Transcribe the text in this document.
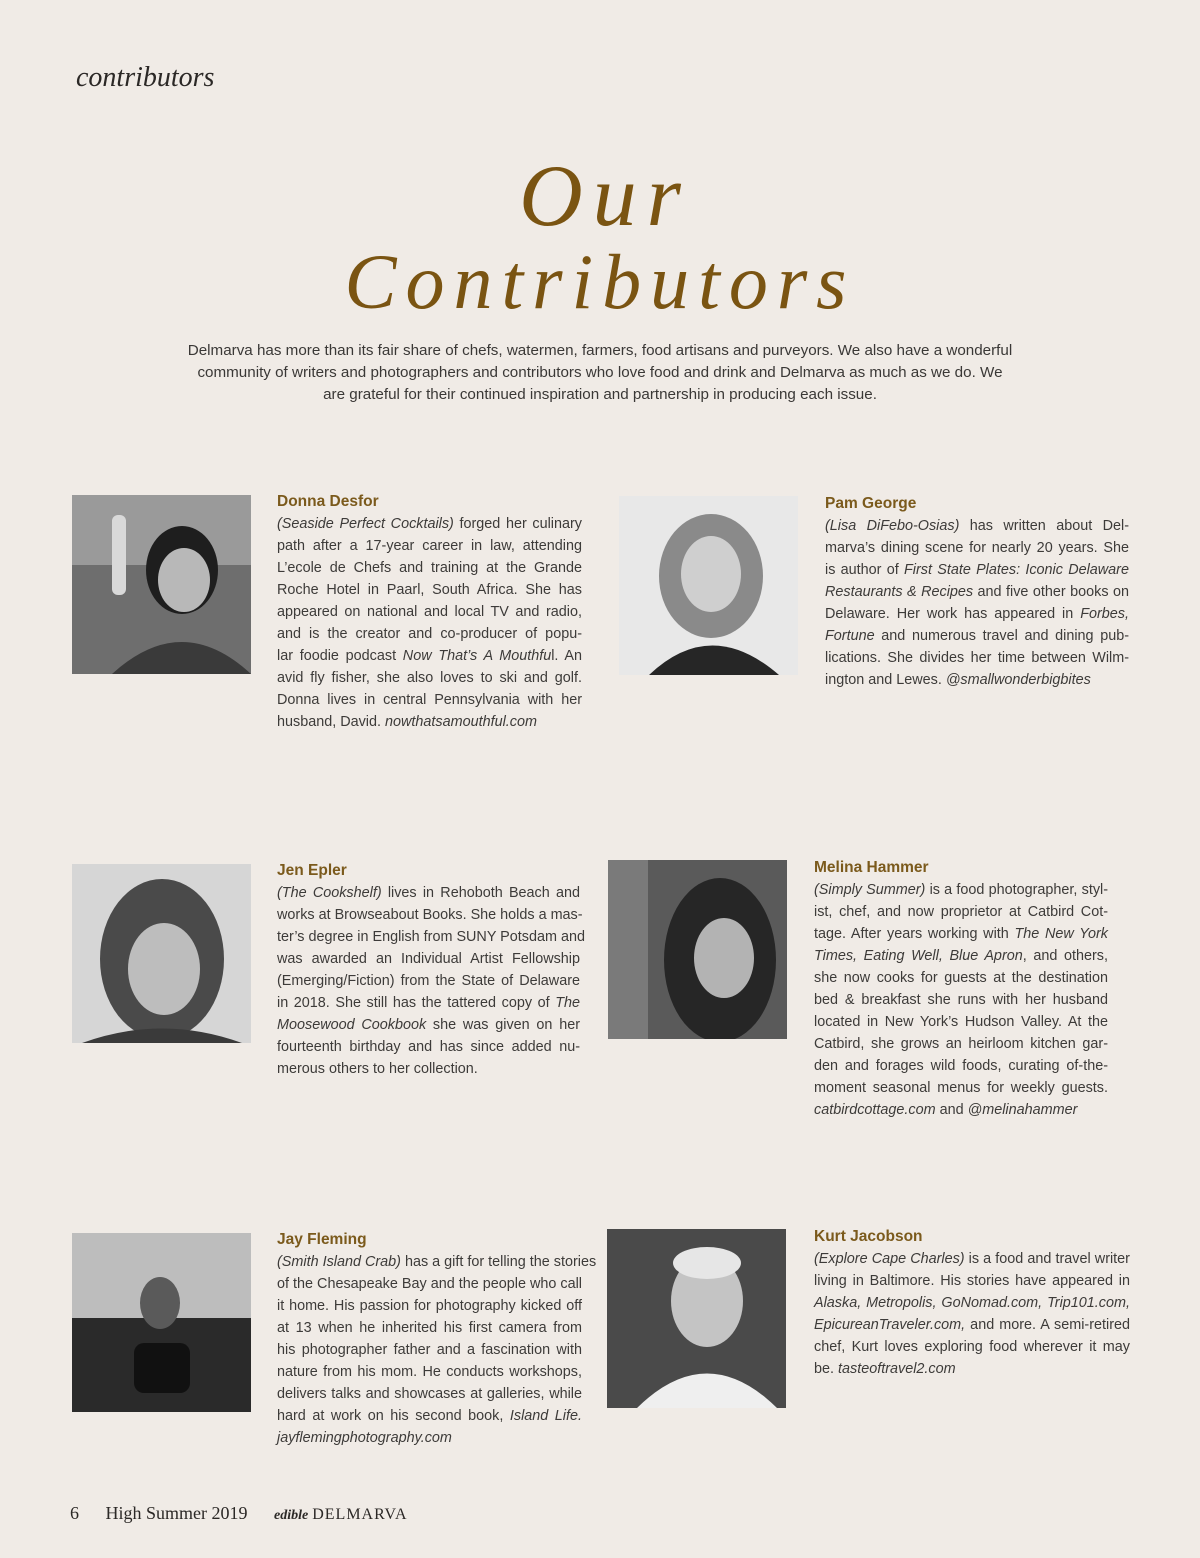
contributors
Our
Contributors
Delmarva has more than its fair share of chefs, watermen, farmers, food artisans and purveyors. We also have a wonderful
community of writers and photographers and contributors who love food and drink and Delmarva as much as we do. We
are grateful for their continued inspiration and partnership in producing each issue.
Donna Desfor
(Seaside Perfect Cocktails) forged her culinary
path after a 17-year career in law, attending
L’ecole de Chefs and training at the Grande
Roche Hotel in Paarl, South Africa. She has
appeared on national and local TV and radio,
and is the creator and co-producer of popu-
lar foodie podcast Now That’s A Mouthful. An
avid fly fisher, she also loves to ski and golf.
Donna lives in central Pennsylvania with her
husband, David. nowthatsamouthful.com
Pam George
(Lisa DiFebo-Osias) has written about Del-
marva’s dining scene for nearly 20 years. She
is author of First State Plates: Iconic Delaware
Restaurants & Recipes and five other books on
Delaware. Her work has appeared in Forbes,
Fortune and numerous travel and dining pub-
lications. She divides her time between Wilm-
ington and Lewes. @smallwonderbigbites
Jen Epler
(The Cookshelf) lives in Rehoboth Beach and
works at Browseabout Books. She holds a mas-
ter’s degree in English from SUNY Potsdam and
was awarded an Individual Artist Fellowship
(Emerging/Fiction) from the State of Delaware
in 2018. She still has the tattered copy of The
Moosewood Cookbook she was given on her
fourteenth birthday and has since added nu-
merous others to her collection.
Melina Hammer
(Simply Summer) is a food photographer, styl-
ist, chef, and now proprietor at Catbird Cot-
tage. After years working with The New York
Times, Eating Well, Blue Apron, and others,
she now cooks for guests at the destination
bed & breakfast she runs with her husband
located in New York’s Hudson Valley. At the
Catbird, she grows an heirloom kitchen gar-
den and forages wild foods, curating of-the-
moment seasonal menus for weekly guests.
catbirdcottage.com and @melinahammer
Jay Fleming
(Smith Island Crab) has a gift for telling the stories
of the Chesapeake Bay and the people who call
it home. His passion for photography kicked off
at 13 when he inherited his first camera from
his photographer father and a fascination with
nature from his mom. He conducts workshops,
delivers talks and showcases at galleries, while
hard at work on his second book, Island Life.
jayflemingphotography.com
Kurt Jacobson
(Explore Cape Charles) is a food and travel writer
living in Baltimore. His stories have appeared in
Alaska, Metropolis, GoNomad.com, Trip101.com,
EpicureanTraveler.com, and more. A semi-retired
chef, Kurt loves exploring food wherever it may
be. tasteoftravel2.com
6 High Summer 2019 edible DELMARVA
